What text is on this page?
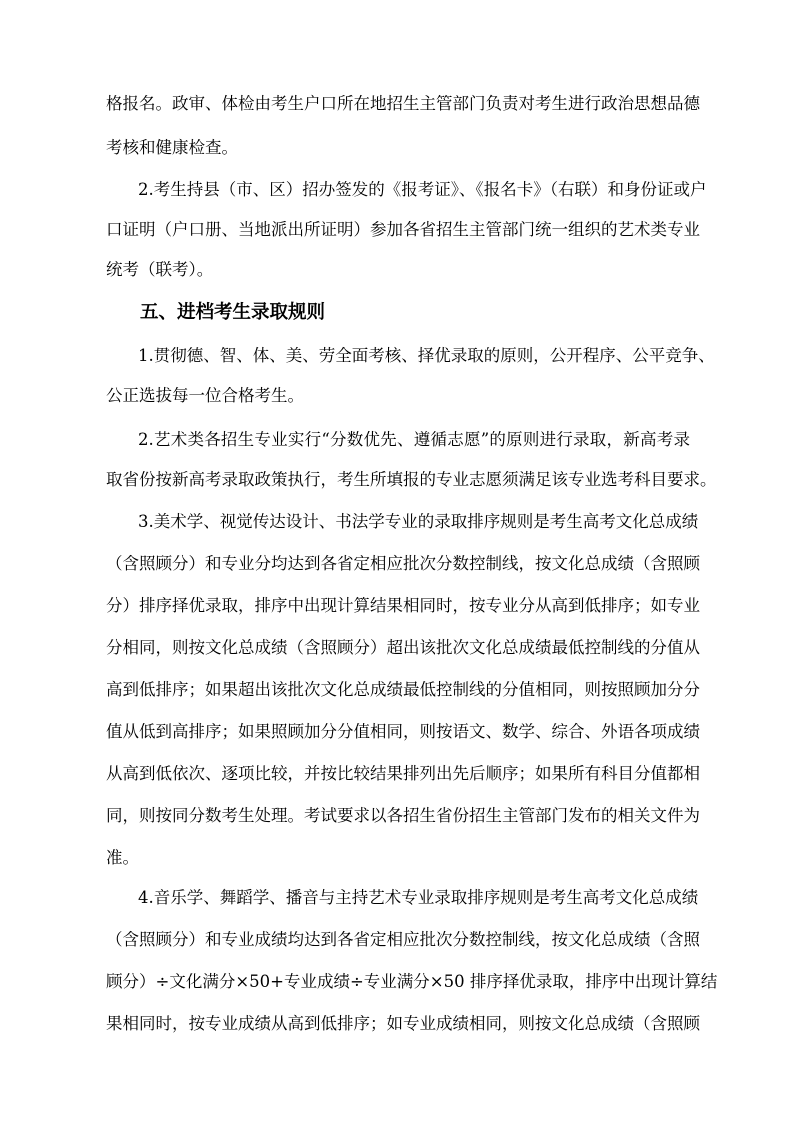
格报名。政审、体检由考生户口所在地招生主管部门负责对考生进行政治思想品德
考核和健康检查。
2.考生持县（市、区）招办签发的《报考证》、《报名卡》（右联）和身份证或户
口证明（户口册、当地派出所证明）参加各省招生主管部门统一组织的艺术类专业
统考（联考）。
五、进档考生录取规则
1.贯彻德、智、体、美、劳全面考核、择优录取的原则，公开程序、公平竞争、
公正选拔每一位合格考生。
2.艺术类各招生专业实行“分数优先、遵循志愿”的原则进行录取，新高考录
取省份按新高考录取政策执行，考生所填报的专业志愿须满足该专业选考科目要求。
3.美术学、视觉传达设计、书法学专业的录取排序规则是考生高考文化总成绩
（含照顾分）和专业分均达到各省定相应批次分数控制线，按文化总成绩（含照顾
分）排序择优录取，排序中出现计算结果相同时，按专业分从高到低排序；如专业
分相同，则按文化总成绩（含照顾分）超出该批次文化总成绩最低控制线的分值从
高到低排序；如果超出该批次文化总成绩最低控制线的分值相同，则按照顾加分分
值从低到高排序；如果照顾加分分值相同，则按语文、数学、综合、外语各项成绩
从高到低依次、逐项比较，并按比较结果排列出先后顺序；如果所有科目分值都相
同，则按同分数考生处理。考试要求以各招生省份招生主管部门发布的相关文件为
准。
4.音乐学、舞蹈学、播音与主持艺术专业录取排序规则是考生高考文化总成绩
（含照顾分）和专业成绩均达到各省定相应批次分数控制线，按文化总成绩（含照
顾分）÷文化满分×50+专业成绩÷专业满分×50 排序择优录取，排序中出现计算结
果相同时，按专业成绩从高到低排序；如专业成绩相同，则按文化总成绩（含照顾
